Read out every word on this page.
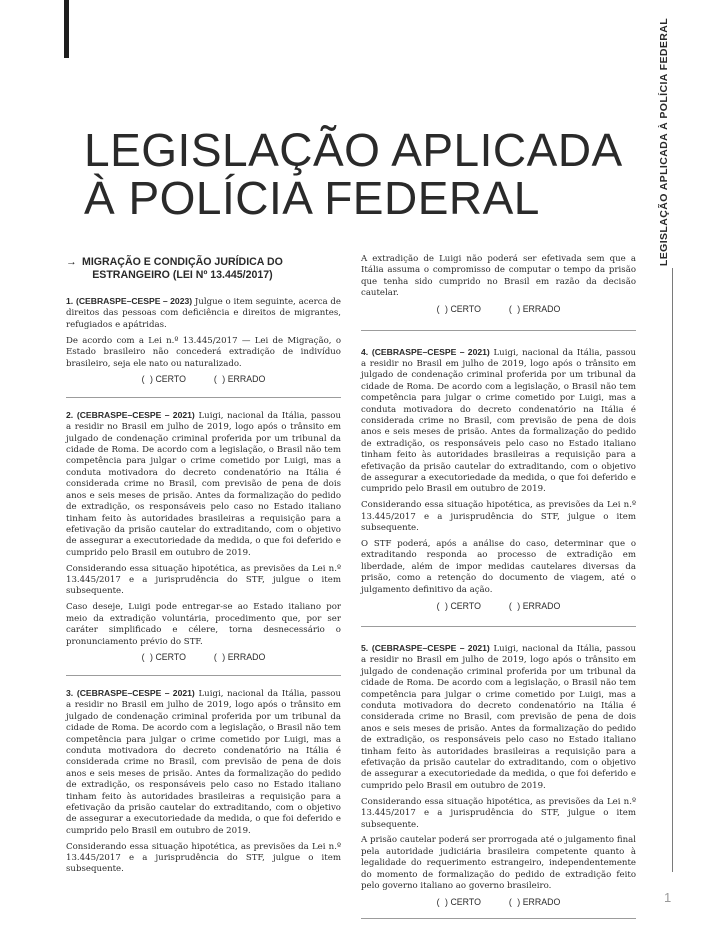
LEGISLAÇÃO APLICADA À POLÍCIA FEDERAL
LEGISLAÇÃO APLICADA
À POLÍCIA FEDERAL
→ MIGRAÇÃO E CONDIÇÃO JURÍDICA DO
ESTRANGEIRO (LEI Nº 13.445/2017)

1. (CEBRASPE–CESPE – 2023) Julgue o item seguinte, acerca de direitos das pessoas com deficiência e direitos de migrantes, refugiados e apátridas.

De acordo com a Lei n.º 13.445/2017 — Lei de Migração, o Estado brasileiro não concederá extradição de indivíduo brasileiro, seja ele nato ou naturalizado.

( ) CERTO	( ) ERRADO

2. (CEBRASPE–CESPE – 2021) Luigi, nacional da Itália, passou a residir no Brasil em julho de 2019, logo após o trânsito em julgado de condenação criminal proferida por um tribunal da cidade de Roma. De acordo com a legislação, o Brasil não tem competência para julgar o crime cometido por Luigi, mas a conduta motivadora do decreto condenatório na Itália é considerada crime no Brasil, com previsão de pena de dois anos e seis meses de prisão. Antes da formalização do pedido de extradição, os responsáveis pelo caso no Estado italiano tinham feito às autoridades brasileiras a requisição para a efetivação da prisão cautelar do extraditando, com o objetivo de assegurar a executoriedade da medida, o que foi deferido e cumprido pelo Brasil em outubro de 2019.

Considerando essa situação hipotética, as previsões da Lei n.º 13.445/2017 e a jurisprudência do STF, julgue o item subsequente.

Caso deseje, Luigi pode entregar-se ao Estado italiano por meio da extradição voluntária, procedimento que, por ser caráter simplificado e célere, torna desnecessário o pronunciamento prévio do STF.

( ) CERTO	( ) ERRADO

3. (CEBRASPE–CESPE – 2021) Luigi, nacional da Itália, passou a residir no Brasil em julho de 2019, logo após o trânsito em julgado de condenação criminal proferida por um tribunal da cidade de Roma. De acordo com a legislação, o Brasil não tem competência para julgar o crime cometido por Luigi, mas a conduta motivadora do decreto condenatório na Itália é considerada crime no Brasil, com previsão de pena de dois anos e seis meses de prisão. Antes da formalização do pedido de extradição, os responsáveis pelo caso no Estado italiano tinham feito às autoridades brasileiras a requisição para a efetivação da prisão cautelar do extraditando, com o objetivo de assegurar a executoriedade da medida, o que foi deferido e cumprido pelo Brasil em outubro de 2019.

Considerando essa situação hipotética, as previsões da Lei n.º 13.445/2017 e a jurisprudência do STF, julgue o item subsequente.

A extradição de Luigi não poderá ser efetivada sem que a Itália assuma o compromisso de computar o tempo da prisão que tenha sido cumprido no Brasil em razão da decisão cautelar.

( ) CERTO	( ) ERRADO

4. (CEBRASPE–CESPE – 2021) Luigi, nacional da Itália, passou a residir no Brasil em julho de 2019, logo após o trânsito em julgado de condenação criminal proferida por um tribunal da cidade de Roma. De acordo com a legislação, o Brasil não tem competência para julgar o crime cometido por Luigi, mas a conduta motivadora do decreto condenatório na Itália é considerada crime no Brasil, com previsão de pena de dois anos e seis meses de prisão. Antes da formalização do pedido de extradição, os responsáveis pelo caso no Estado italiano tinham feito às autoridades brasileiras a requisição para a efetivação da prisão cautelar do extraditando, com o objetivo de assegurar a executoriedade da medida, o que foi deferido e cumprido pelo Brasil em outubro de 2019.

Considerando essa situação hipotética, as previsões da Lei n.º 13.445/2017 e a jurisprudência do STF, julgue o item subsequente.

O STF poderá, após a análise do caso, determinar que o extraditando responda ao processo de extradição em liberdade, além de impor medidas cautelares diversas da prisão, como a retenção do documento de viagem, até o julgamento definitivo da ação.

( ) CERTO	( ) ERRADO

5. (CEBRASPE–CESPE – 2021) Luigi, nacional da Itália, passou a residir no Brasil em julho de 2019, logo após o trânsito em julgado de condenação criminal proferida por um tribunal da cidade de Roma. De acordo com a legislação, o Brasil não tem competência para julgar o crime cometido por Luigi, mas a conduta motivadora do decreto condenatório na Itália é considerada crime no Brasil, com previsão de pena de dois anos e seis meses de prisão. Antes da formalização do pedido de extradição, os responsáveis pelo caso no Estado italiano tinham feito às autoridades brasileiras a requisição para a efetivação da prisão cautelar do extraditando, com o objetivo de assegurar a executoriedade da medida, o que foi deferido e cumprido pelo Brasil em outubro de 2019.

Considerando essa situação hipotética, as previsões da Lei n.º 13.445/2017 e a jurisprudência do STF, julgue o item subsequente.

A prisão cautelar poderá ser prorrogada até o julgamento final pela autoridade judiciária brasileira competente quanto à legalidade do requerimento estrangeiro, independentemente do momento de formalização do pedido de extradição feito pelo governo italiano ao governo brasileiro.

( ) CERTO	( ) ERRADO	1
